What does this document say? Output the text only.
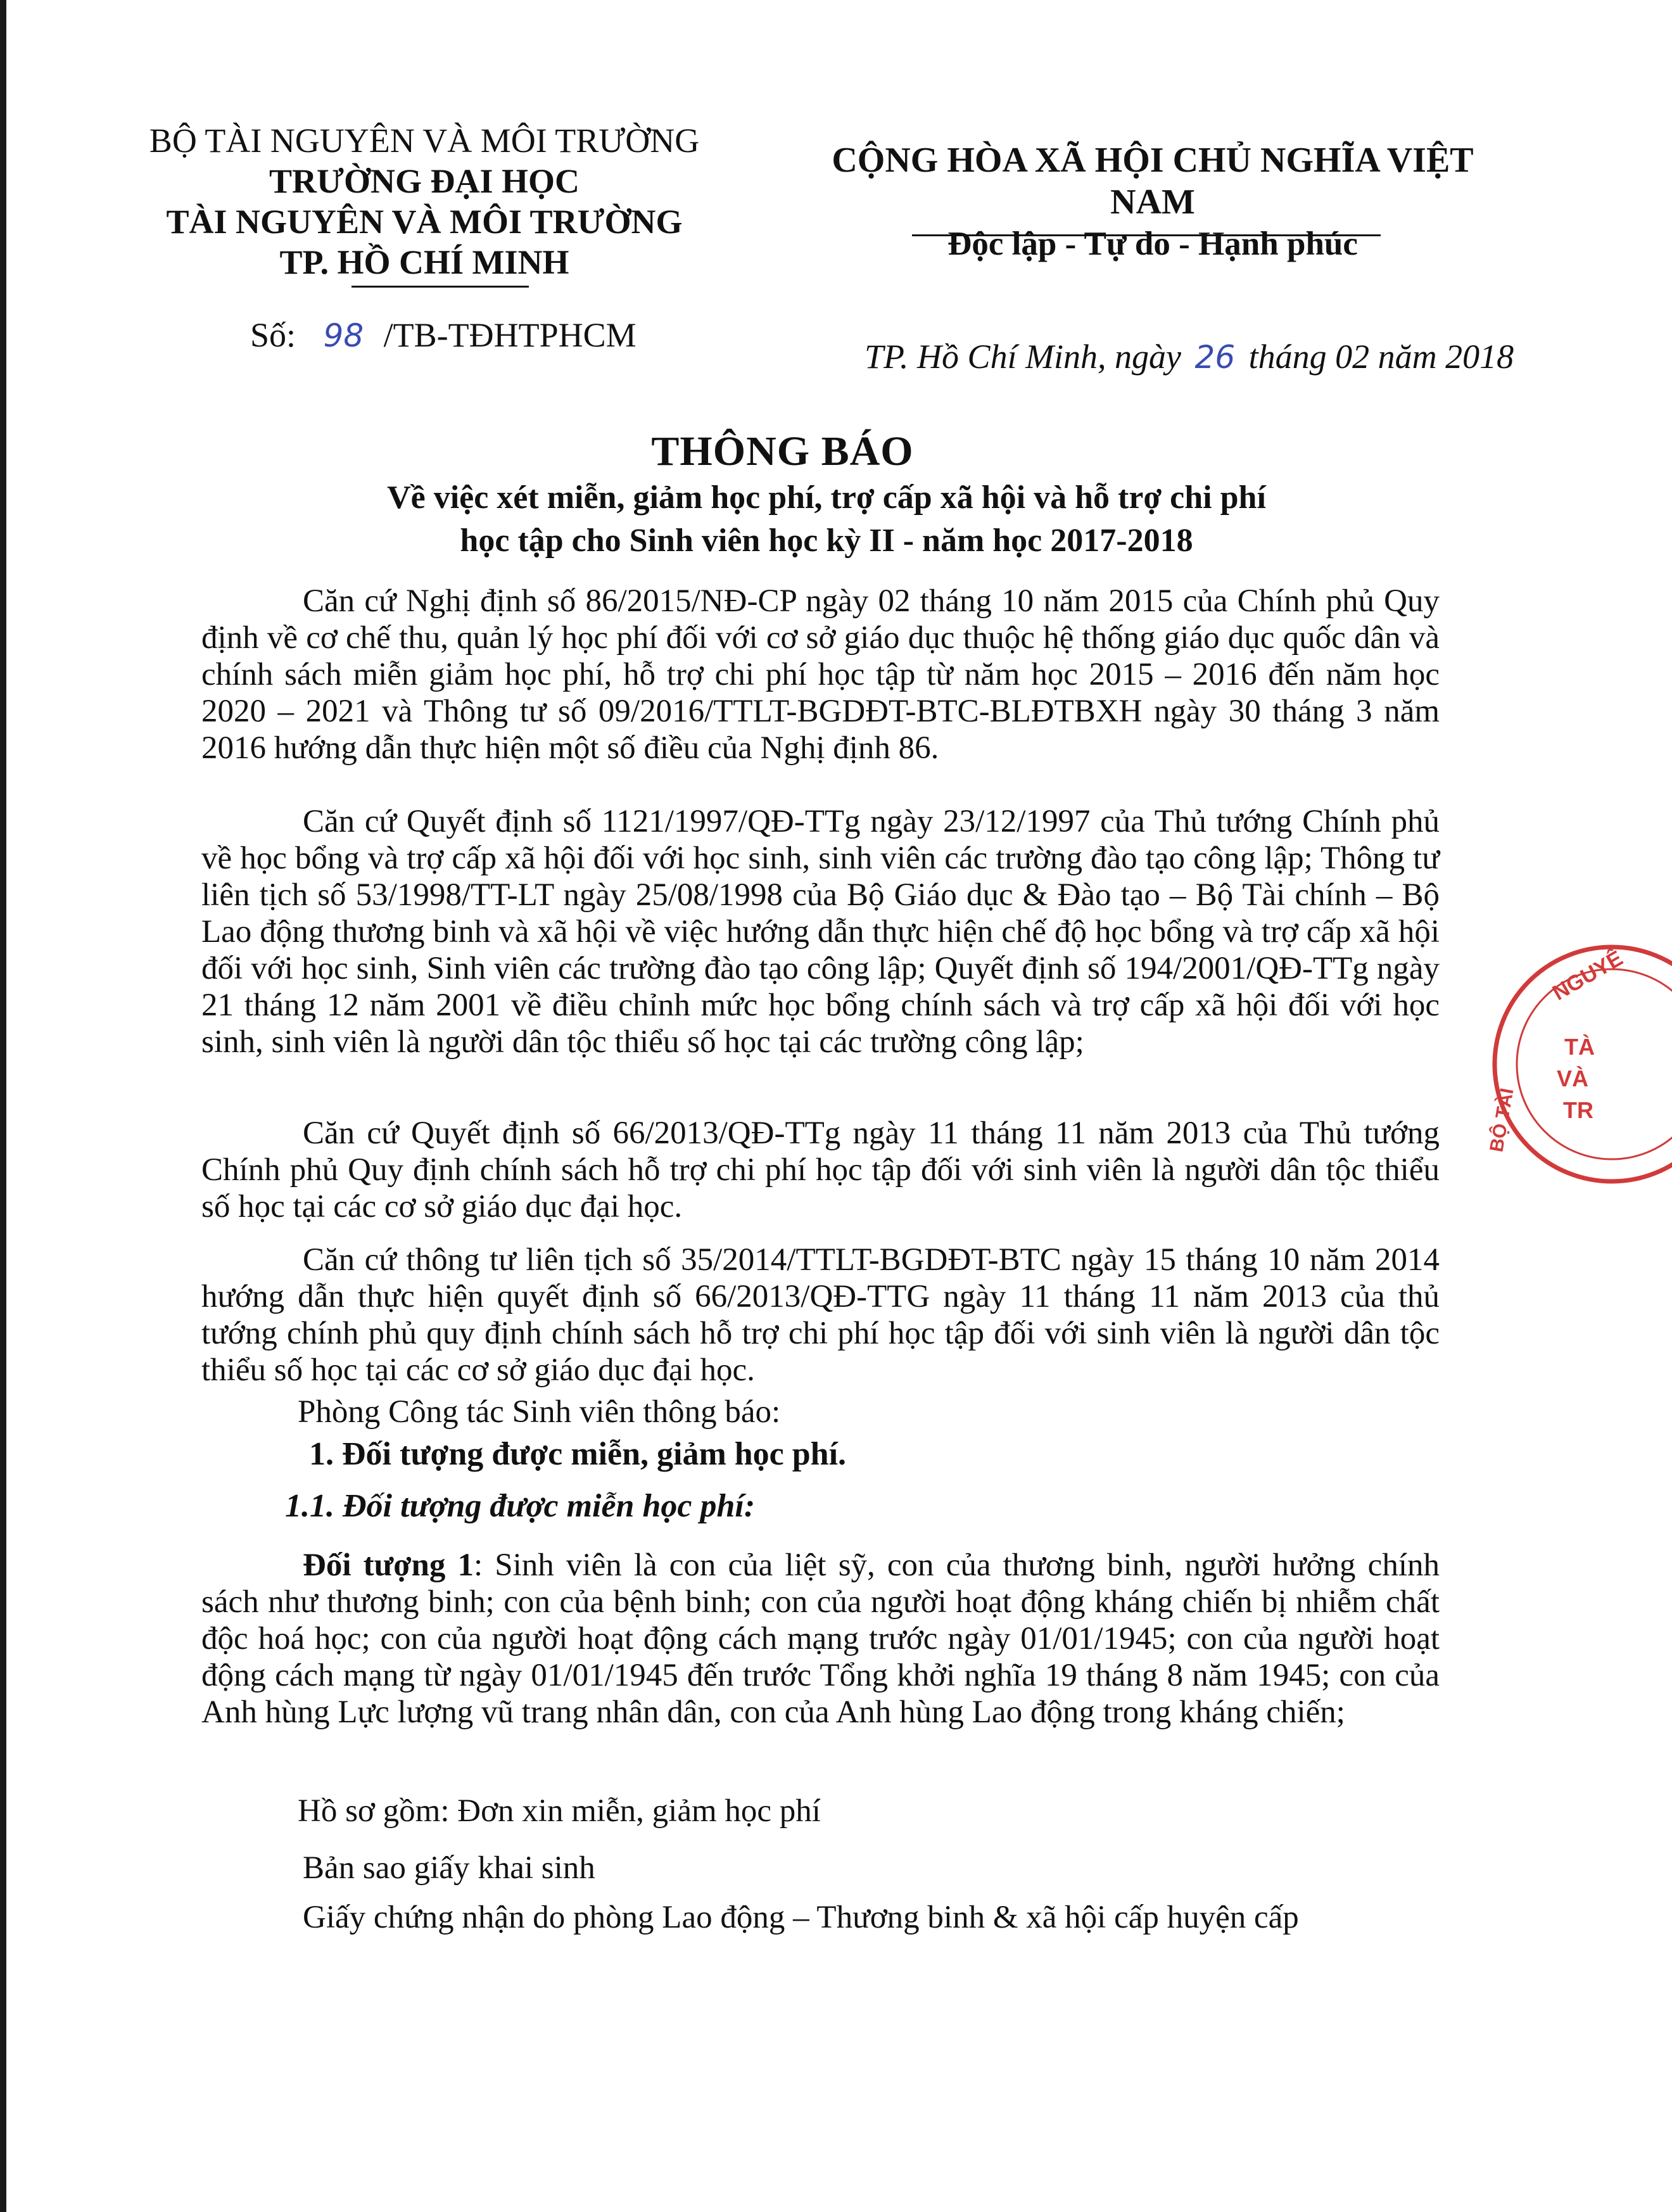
BỘ TÀI NGUYÊN VÀ MÔI TRƯỜNG
TRƯỜNG ĐẠI HỌC
TÀI NGUYÊN VÀ MÔI TRƯỜNG
TP. HỒ CHÍ MINH
CỘNG HÒA XÃ HỘI CHỦ NGHĨA VIỆT NAM
Độc lập - Tự do - Hạnh phúc
Số: 98 /TB-TĐHTPHCM
TP. Hồ Chí Minh, ngày 26 tháng 02 năm 2018
THÔNG BÁO
Về việc xét miễn, giảm học phí, trợ cấp xã hội và hỗ trợ chi phí
học tập cho Sinh viên học kỳ II - năm học 2017-2018

Căn cứ Nghị định số 86/2015/NĐ-CP ngày 02 tháng 10 năm 2015 của Chính phủ Quy định về cơ chế thu, quản lý học phí đối với cơ sở giáo dục thuộc hệ thống giáo dục quốc dân và chính sách miễn giảm học phí, hỗ trợ chi phí học tập từ năm học 2015 – 2016 đến năm học 2020 – 2021 và Thông tư số 09/2016/TTLT-BGDĐT-BTC-BLĐTBXH ngày 30 tháng 3 năm 2016 hướng dẫn thực hiện một số điều của Nghị định 86.

Căn cứ Quyết định số 1121/1997/QĐ-TTg ngày 23/12/1997 của Thủ tướng Chính phủ về học bổng và trợ cấp xã hội đối với học sinh, sinh viên các trường đào tạo công lập; Thông tư liên tịch số 53/1998/TT-LT ngày 25/08/1998 của Bộ Giáo dục & Đào tạo – Bộ Tài chính – Bộ Lao động thương binh và xã hội về việc hướng dẫn thực hiện chế độ học bổng và trợ cấp xã hội đối với học sinh, Sinh viên các trường đào tạo công lập; Quyết định số 194/2001/QĐ-TTg ngày 21 tháng 12 năm 2001 về điều chỉnh mức học bổng chính sách và trợ cấp xã hội đối với học sinh, sinh viên là người dân tộc thiểu số học tại các trường công lập;

Căn cứ Quyết định số 66/2013/QĐ-TTg ngày 11 tháng 11 năm 2013 của Thủ tướng Chính phủ Quy định chính sách hỗ trợ chi phí học tập đối với sinh viên là người dân tộc thiểu số học tại các cơ sở giáo dục đại học.

Căn cứ thông tư liên tịch số 35/2014/TTLT-BGDĐT-BTC ngày 15 tháng 10 năm 2014 hướng dẫn thực hiện quyết định số 66/2013/QĐ-TTG ngày 11 tháng 11 năm 2013 của thủ tướng chính phủ quy định chính sách hỗ trợ chi phí học tập đối với sinh viên là người dân tộc thiểu số học tại các cơ sở giáo dục đại học.

Phòng Công tác Sinh viên thông báo:
1. Đối tượng được miễn, giảm học phí.
1.1. Đối tượng được miễn học phí:

Đối tượng 1: Sinh viên là con của liệt sỹ, con của thương binh, người hưởng chính sách như thương binh; con của bệnh binh; con của người hoạt động kháng chiến bị nhiễm chất độc hoá học; con của người hoạt động cách mạng trước ngày 01/01/1945; con của người hoạt động cách mạng từ ngày 01/01/1945 đến trước Tổng khởi nghĩa 19 tháng 8 năm 1945; con của Anh hùng Lực lượng vũ trang nhân dân, con của Anh hùng Lao động trong kháng chiến;

Hồ sơ gồm: Đơn xin miễn, giảm học phí
Bản sao giấy khai sinh
Giấy chứng nhận do phòng Lao động – Thương binh & xã hội cấp huyện cấp
NGUYÊ
BỘ TÀI
TÀ
VÀ
TR
